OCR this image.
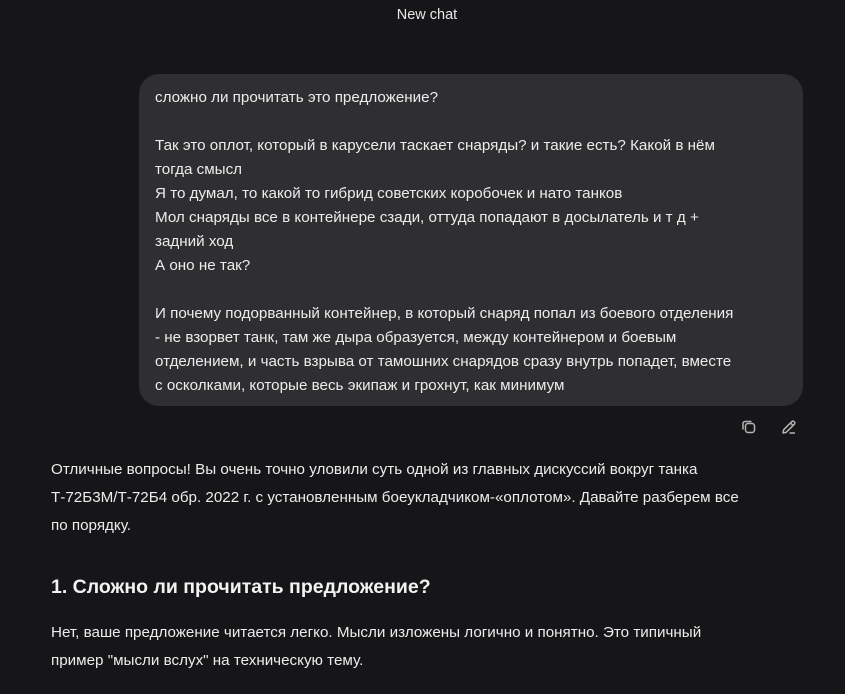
New chat

сложно ли прочитать это предложение?

Так это оплот, который в карусели таскает снаряды? и такие есть? Какой в нём

тогда смысл

Я то думал, то какой то гибрид советских коробочек и нато танков

Мол снаряды все в контейнере сзади, оттуда попадают в досылатель и т д +

задний ход

А оно не так?

И почему подорванный контейнер, в который снаряд попал из боевого отделения

- не взорвет танк, там же дыра образуется, между контейнером и боевым

отделением, и часть взрыва от тамошних снарядов сразу внутрь попадет, вместе

с осколками, которые весь экипаж и грохнут, как минимум

Отличные вопросы! Вы очень точно уловили суть одной из главных дискуссий вокруг танка
Т-72Б3М/Т-72Б4 обр. 2022 г. с установленным боеукладчиком-«оплотом». Давайте разберем все
по порядку.

1. Сложно ли прочитать предложение?

Нет, ваше предложение читается легко. Мысли изложены логично и понятно. Это типичный
пример "мысли вслух" на техническую тему.
